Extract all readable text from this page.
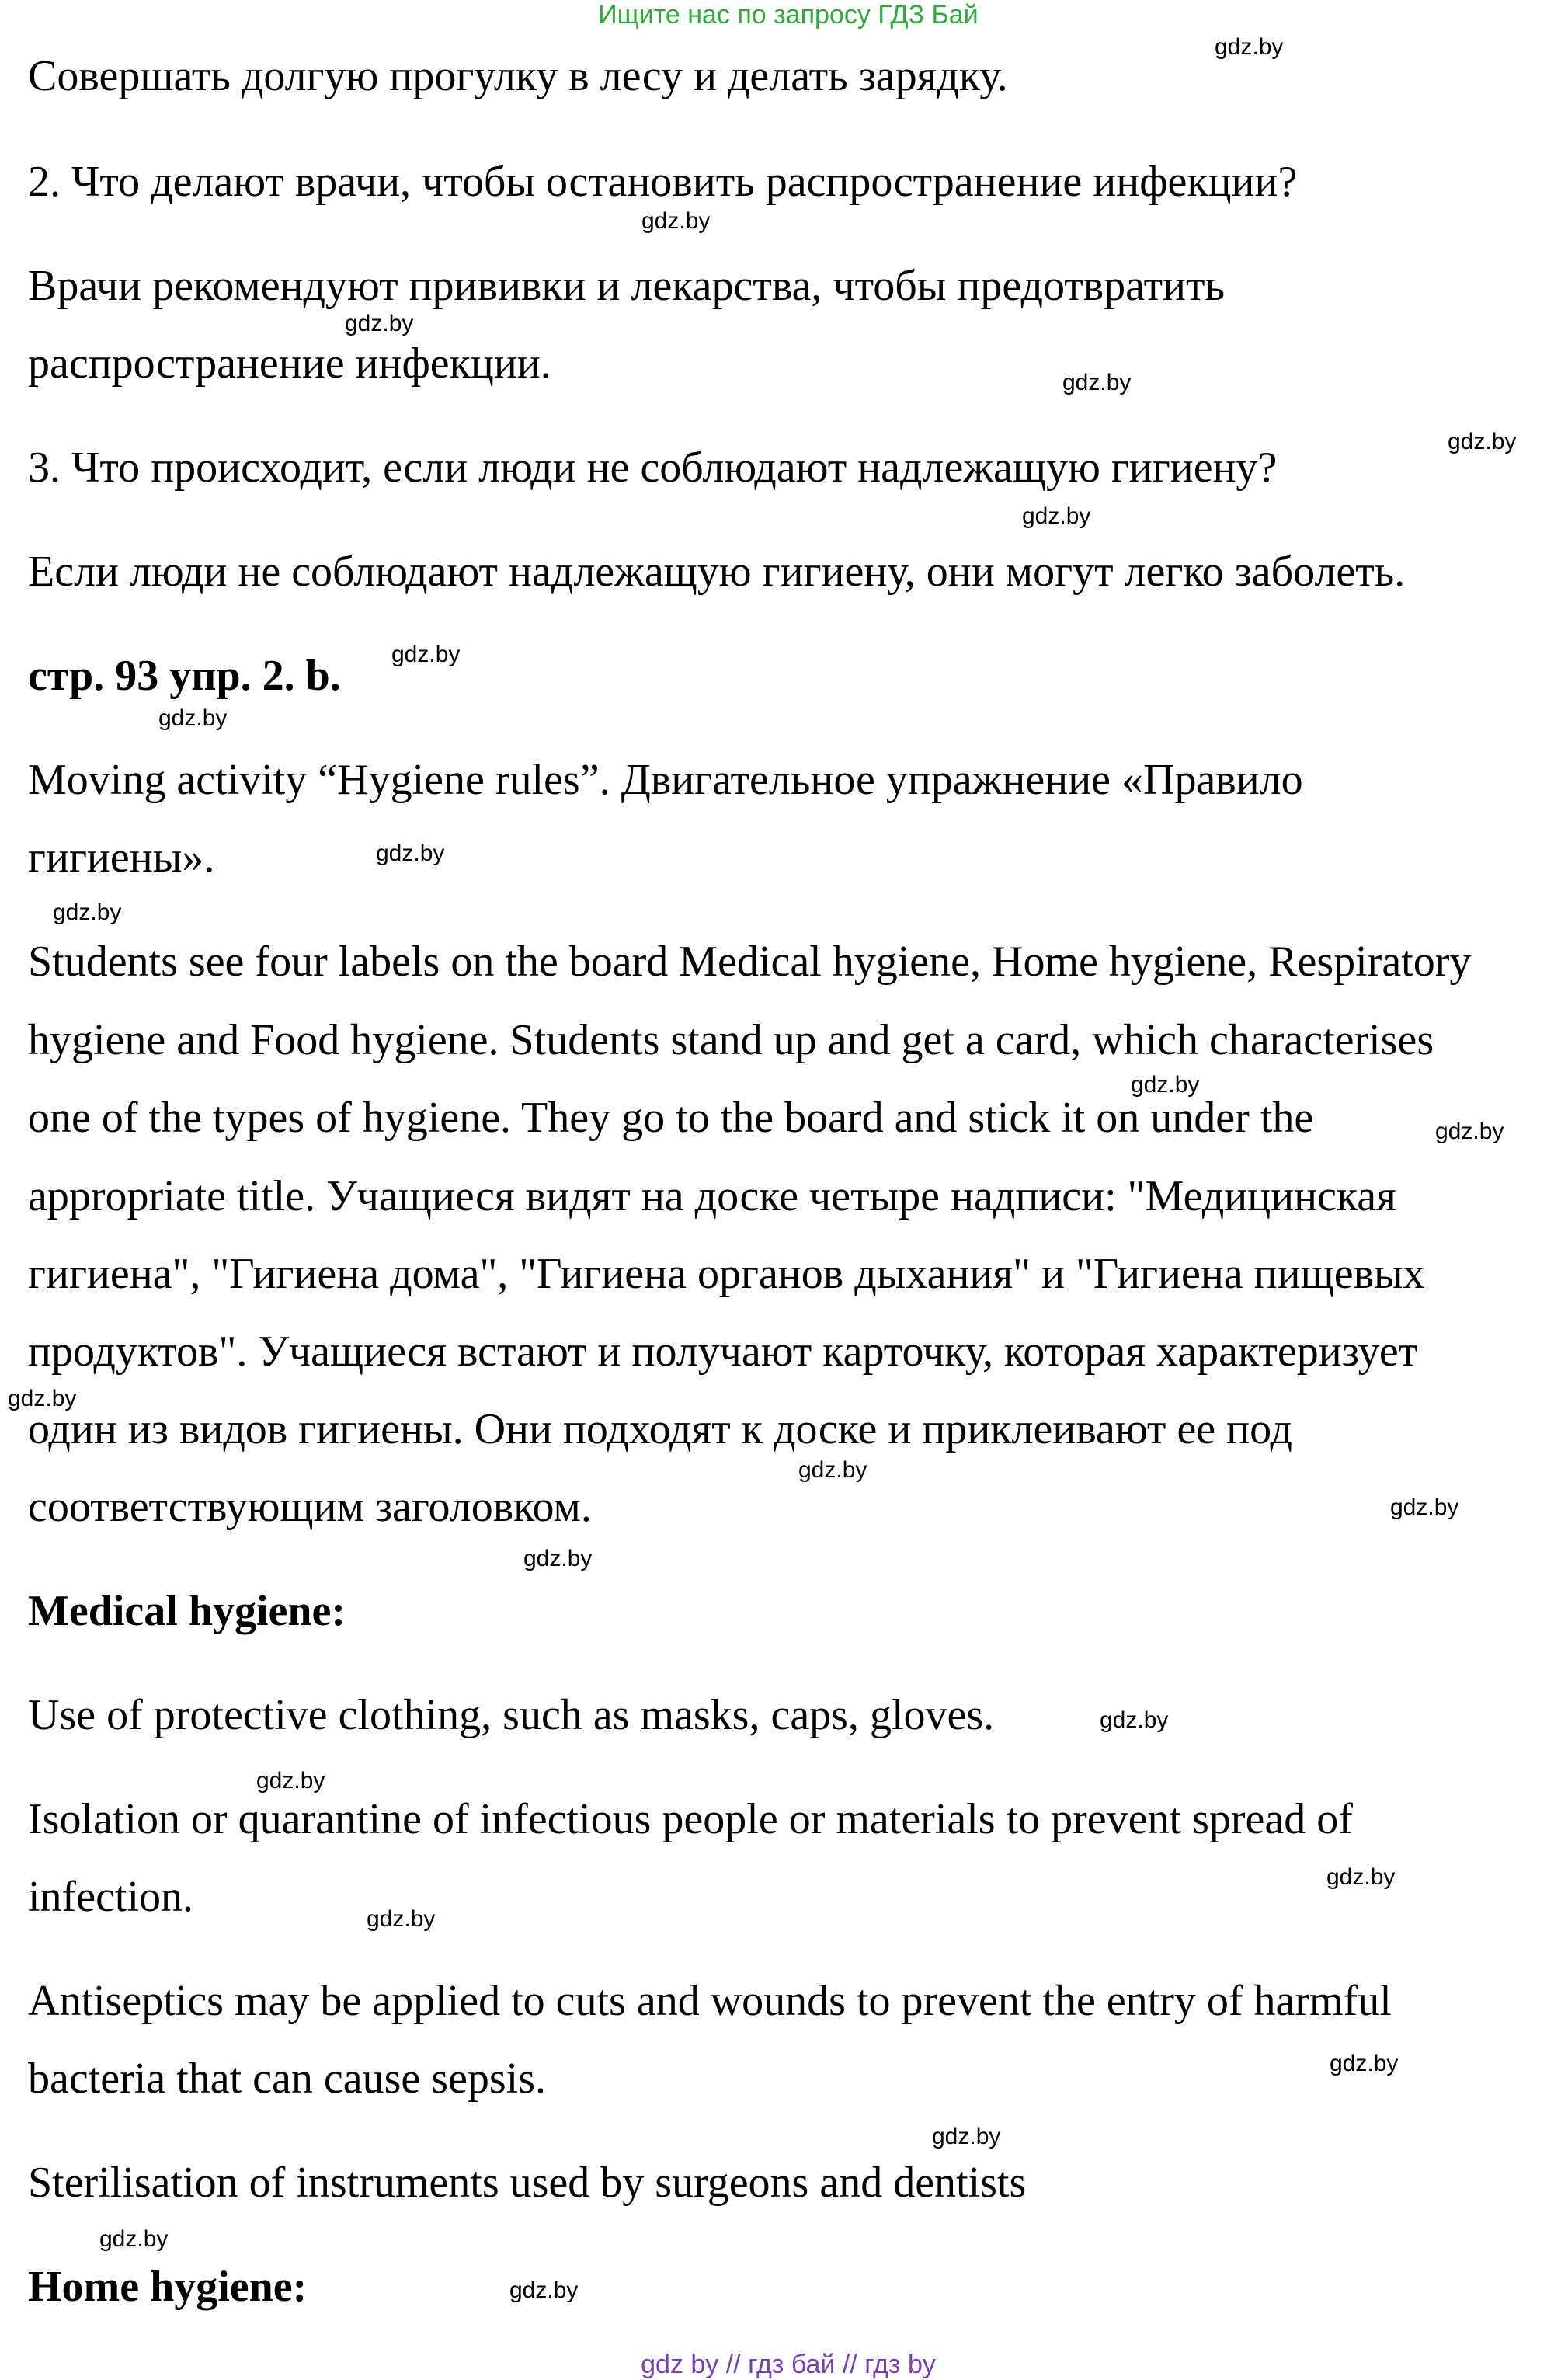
Ищите нас по запросу ГДЗ Бай
Совершать долгую прогулку в лесу и делать зарядку.
2. Что делают врачи, чтобы остановить распространение инфекции?
Врачи рекомендуют прививки и лекарства, чтобы предотвратить
распространение инфекции.
3. Что происходит, если люди не соблюдают надлежащую гигиену?
Если люди не соблюдают надлежащую гигиену, они могут легко заболеть.
стр. 93 упр. 2. b.
Moving activity “Hygiene rules”. Двигательное упражнение «Правило
гигиены».
Students see four labels on the board Medical hygiene, Home hygiene, Respiratory
hygiene and Food hygiene. Students stand up and get a card, which characterises
one of the types of hygiene. They go to the board and stick it on under the
appropriate title. Учащиеся видят на доске четыре надписи: "Медицинская
гигиена", "Гигиена дома", "Гигиена органов дыхания" и "Гигиена пищевых
продуктов". Учащиеся встают и получают карточку, которая характеризует
один из видов гигиены. Они подходят к доске и приклеивают ее под
соответствующим заголовком.
Medical hygiene:
Use of protective clothing, such as masks, caps, gloves.
Isolation or quarantine of infectious people or materials to prevent spread of
infection.
Antiseptics may be applied to cuts and wounds to prevent the entry of harmful
bacteria that can cause sepsis.
Sterilisation of instruments used by surgeons and dentists
Home hygiene:
gdz.by
gdz.by
gdz.by
gdz.by
gdz.by
gdz.by
gdz.by
gdz.by
gdz.by
gdz.by
gdz.by
gdz.by
gdz.by
gdz.by
gdz.by
gdz.by
gdz.by
gdz.by
gdz.by
gdz.by
gdz.by
gdz.by
gdz.by
gdz.by
gdz by // гдз бай // гдз by
